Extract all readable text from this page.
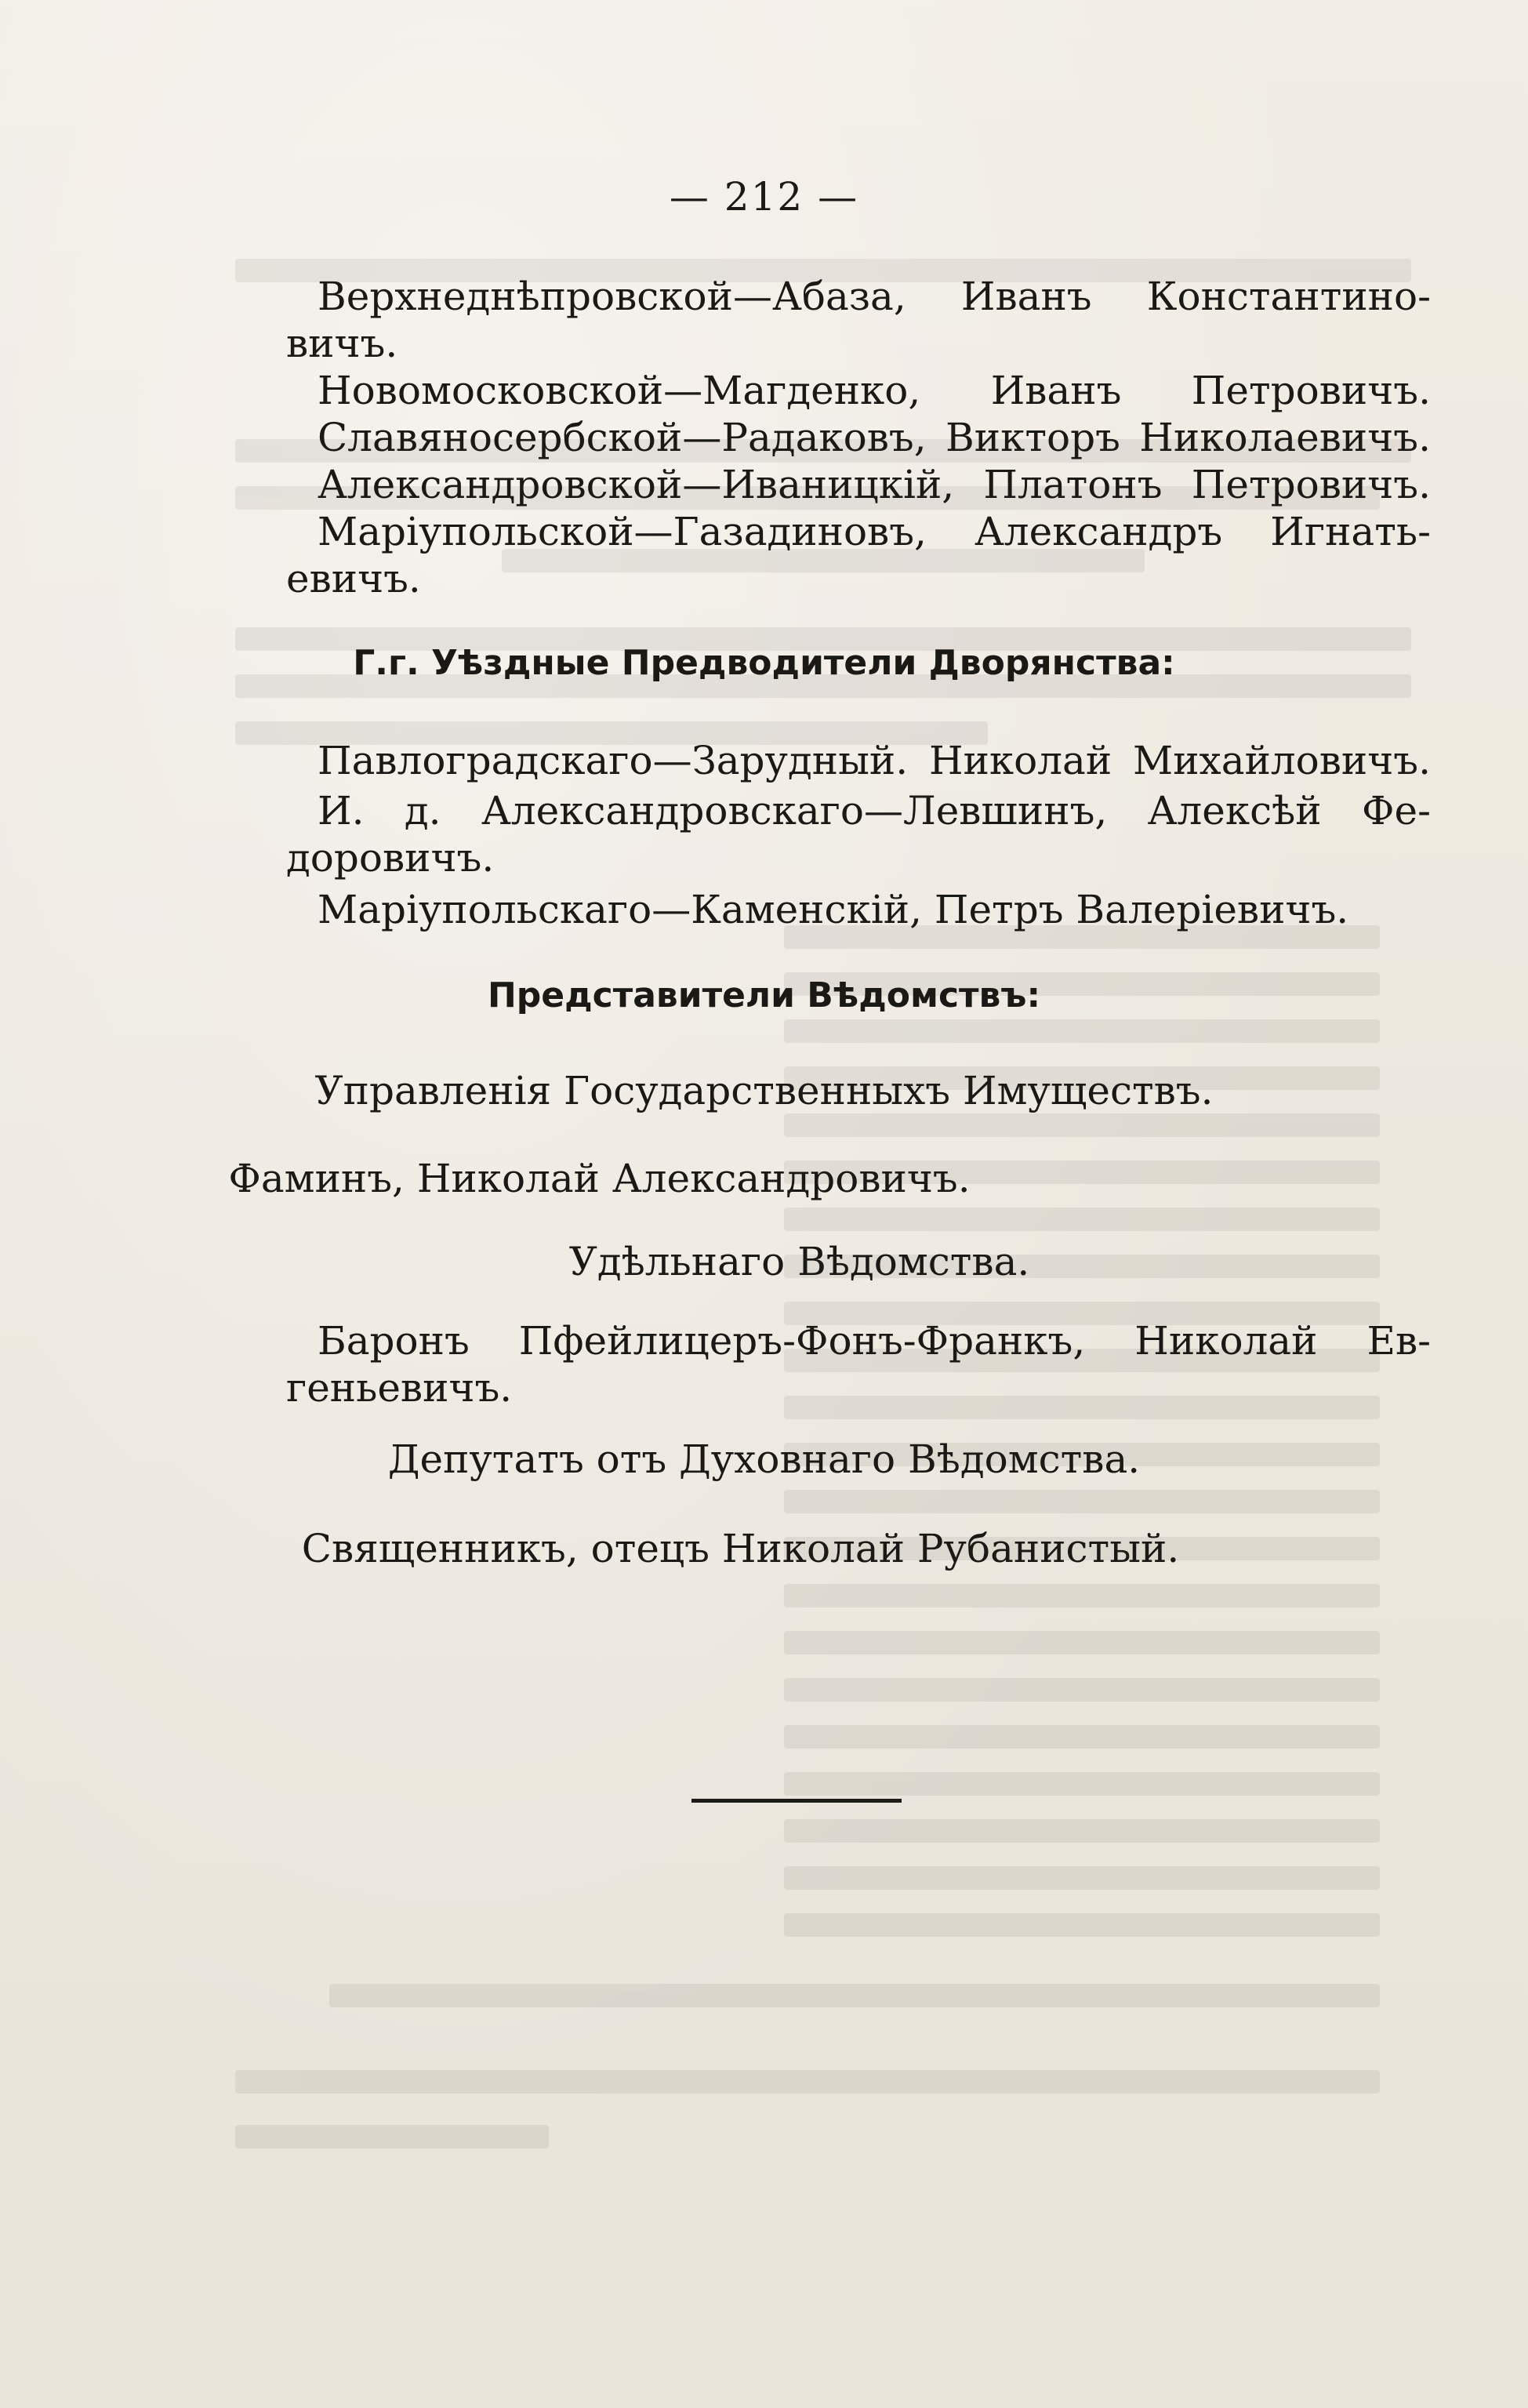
— 212 —
Верхнеднѣпровской—Абаза, Иванъ Константино-
вичъ.
Новомосковской—Магденко, Иванъ Петровичъ.
Славяносербской—Радаковъ, Викторъ Николаевичъ.
Александровской—Иваницкій, Платонъ Петровичъ.
Маріупольской—Газадиновъ, Александръ Игнать-
евичъ.
Г.г. Уѣздные Предводители Дворянства:
Павлоградскаго—Зарудный. Николай Михайловичъ.
И. д. Александровскаго—Левшинъ, Алексѣй Фе-
доровичъ.
Маріупольскаго—Каменскій, Петръ Валеріевичъ.
Представители Вѣдомствъ:
Управленія Государственныхъ Имуществъ.
Фаминъ, Николай Александровичъ.
Удѣльнаго Вѣдомства.
Баронъ Пфейлицеръ-Фонъ-Франкъ, Николай Ев-
геньевичъ.
Депутатъ отъ Духовнаго Вѣдомства.
Священникъ, отецъ Николай Рубанистый.
